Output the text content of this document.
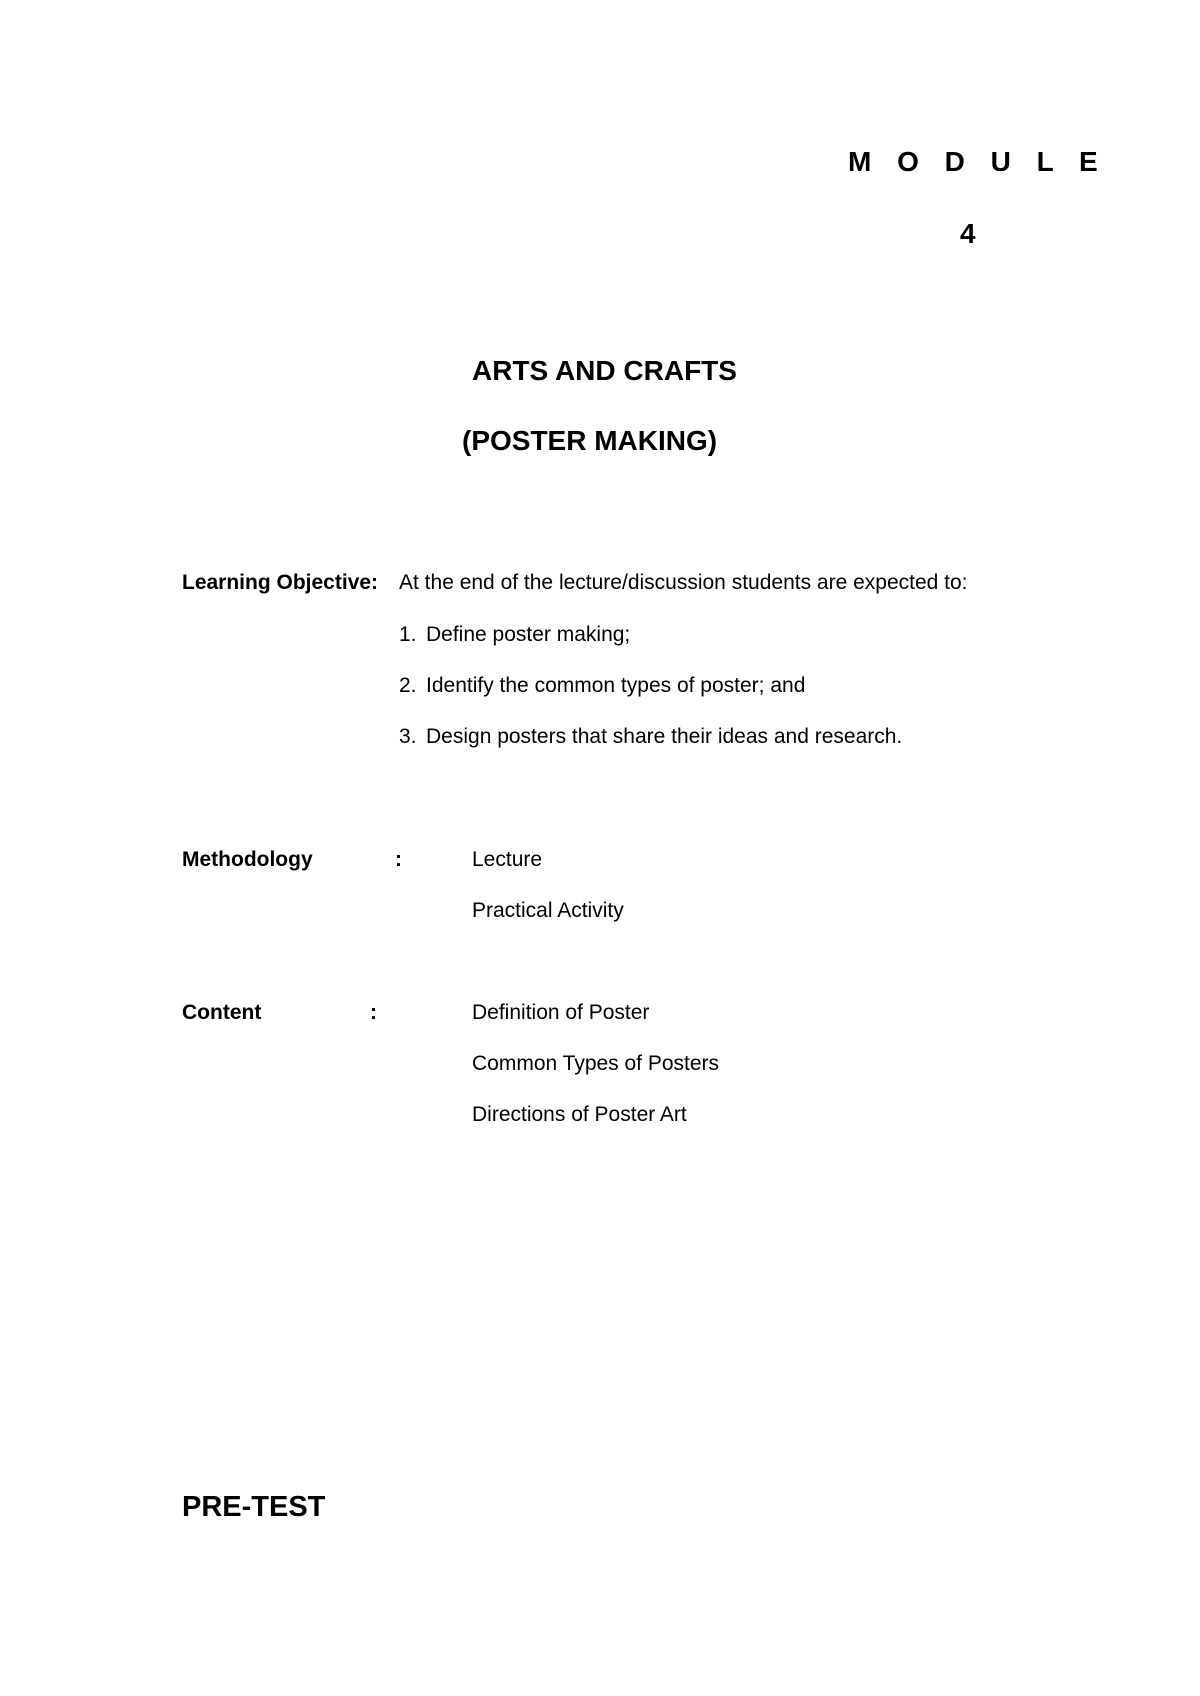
M O D U L E
4
ARTS AND CRAFTS
(POSTER MAKING)
Learning Objective: At the end of the lecture/discussion students are expected to:
1. Define poster making;
2. Identify the common types of poster; and
3. Design posters that share their ideas and research.
Methodology	:	Lecture
Practical Activity
Content	:	Definition of Poster
Common Types of Posters
Directions of Poster Art
PRE-TEST
